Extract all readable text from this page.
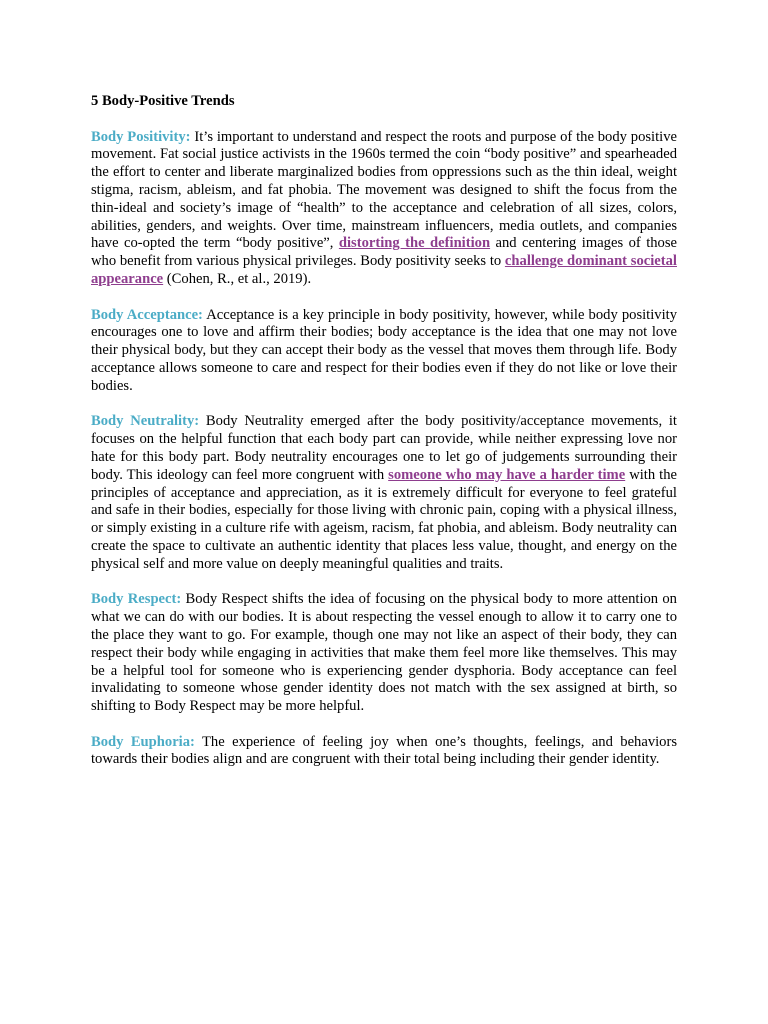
5 Body-Positive Trends

Body Positivity: It’s important to understand and respect the roots and purpose of the body positive movement. Fat social justice activists in the 1960s termed the coin “body positive” and spearheaded the effort to center and liberate marginalized bodies from oppressions such as the thin ideal, weight stigma, racism, ableism, and fat phobia. The movement was designed to shift the focus from the thin-ideal and society’s image of “health” to the acceptance and celebration of all sizes, colors, abilities, genders, and weights. Over time, mainstream influencers, media outlets, and companies have co-opted the term “body positive”, distorting the definition and centering images of those who benefit from various physical privileges. Body positivity seeks to challenge dominant societal appearance (Cohen, R., et al., 2019).

Body Acceptance: Acceptance is a key principle in body positivity, however, while body positivity encourages one to love and affirm their bodies; body acceptance is the idea that one may not love their physical body, but they can accept their body as the vessel that moves them through life. Body acceptance allows someone to care and respect for their bodies even if they do not like or love their bodies.

Body Neutrality: Body Neutrality emerged after the body positivity/acceptance movements, it focuses on the helpful function that each body part can provide, while neither expressing love nor hate for this body part. Body neutrality encourages one to let go of judgements surrounding their body. This ideology can feel more congruent with someone who may have a harder time with the principles of acceptance and appreciation, as it is extremely difficult for everyone to feel grateful and safe in their bodies, especially for those living with chronic pain, coping with a physical illness, or simply existing in a culture rife with ageism, racism, fat phobia, and ableism. Body neutrality can create the space to cultivate an authentic identity that places less value, thought, and energy on the physical self and more value on deeply meaningful qualities and traits.

Body Respect: Body Respect shifts the idea of focusing on the physical body to more attention on what we can do with our bodies. It is about respecting the vessel enough to allow it to carry one to the place they want to go. For example, though one may not like an aspect of their body, they can respect their body while engaging in activities that make them feel more like themselves. This may be a helpful tool for someone who is experiencing gender dysphoria. Body acceptance can feel invalidating to someone whose gender identity does not match with the sex assigned at birth, so shifting to Body Respect may be more helpful.

Body Euphoria: The experience of feeling joy when one’s thoughts, feelings, and behaviors towards their bodies align and are congruent with their total being including their gender identity.
